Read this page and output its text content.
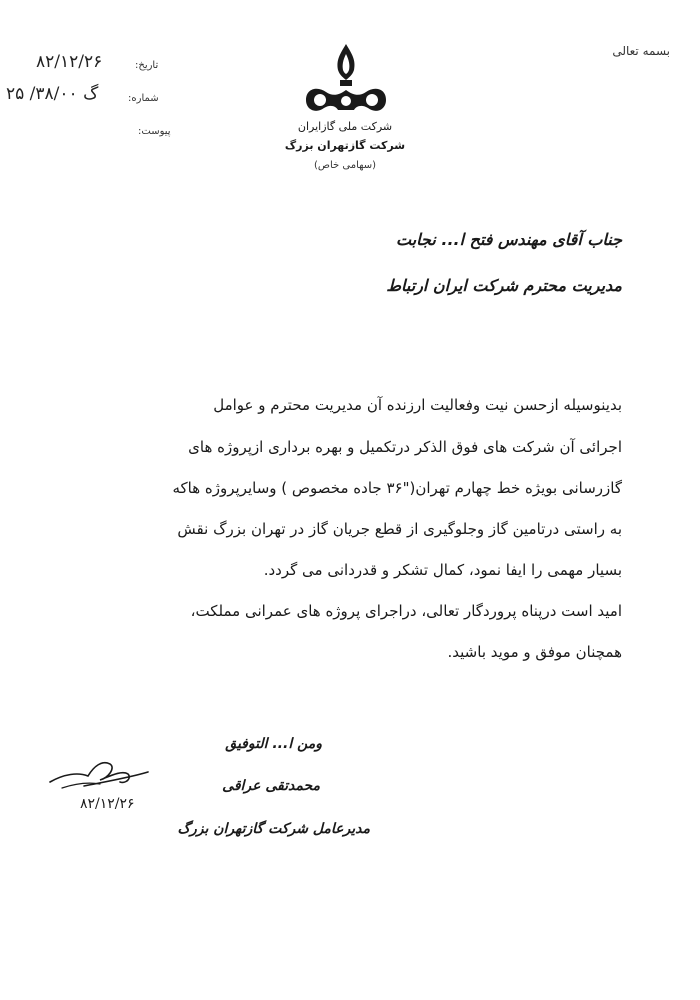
بسمه تعالی
شرکت ملی گازایران
شرکت گازتهران بزرگ
(سهامی خاص)
تاریخ:
۸۲/۱۲/۲۶
شماره:
گ ۳۸/۰۰/ ۲۵
پیوست:
جناب آقای مهندس فتح ا... نجابت
مدیریت محترم شرکت ایران ارتباط
بدینوسیله ازحسن نیت وفعالیت ارزنده آن مدیریت محترم و عوامل
اجرائی آن شرکت های فوق الذکر درتکمیل و بهره برداری ازپروژه های
گازرسانی بویژه خط چهارم تهران("۳۶ جاده مخصوص ) وسایرپروژه هاکه
به راستی درتامین گاز وجلوگیری از قطع جریان گاز در تهران بزرگ نقش
بسیار مهمی را ایفا نمود، کمال تشکر و قدردانی می گردد.
امید است درپناه پروردگار تعالی، دراجرای پروژه های عمرانی مملکت،
همچنان موفق و موید باشید.
ومن ا... التوفیق
محمدتقی عراقی
۸۲/۱۲/۲۶
مدیرعامل شرکت گازتهران بزرگ
